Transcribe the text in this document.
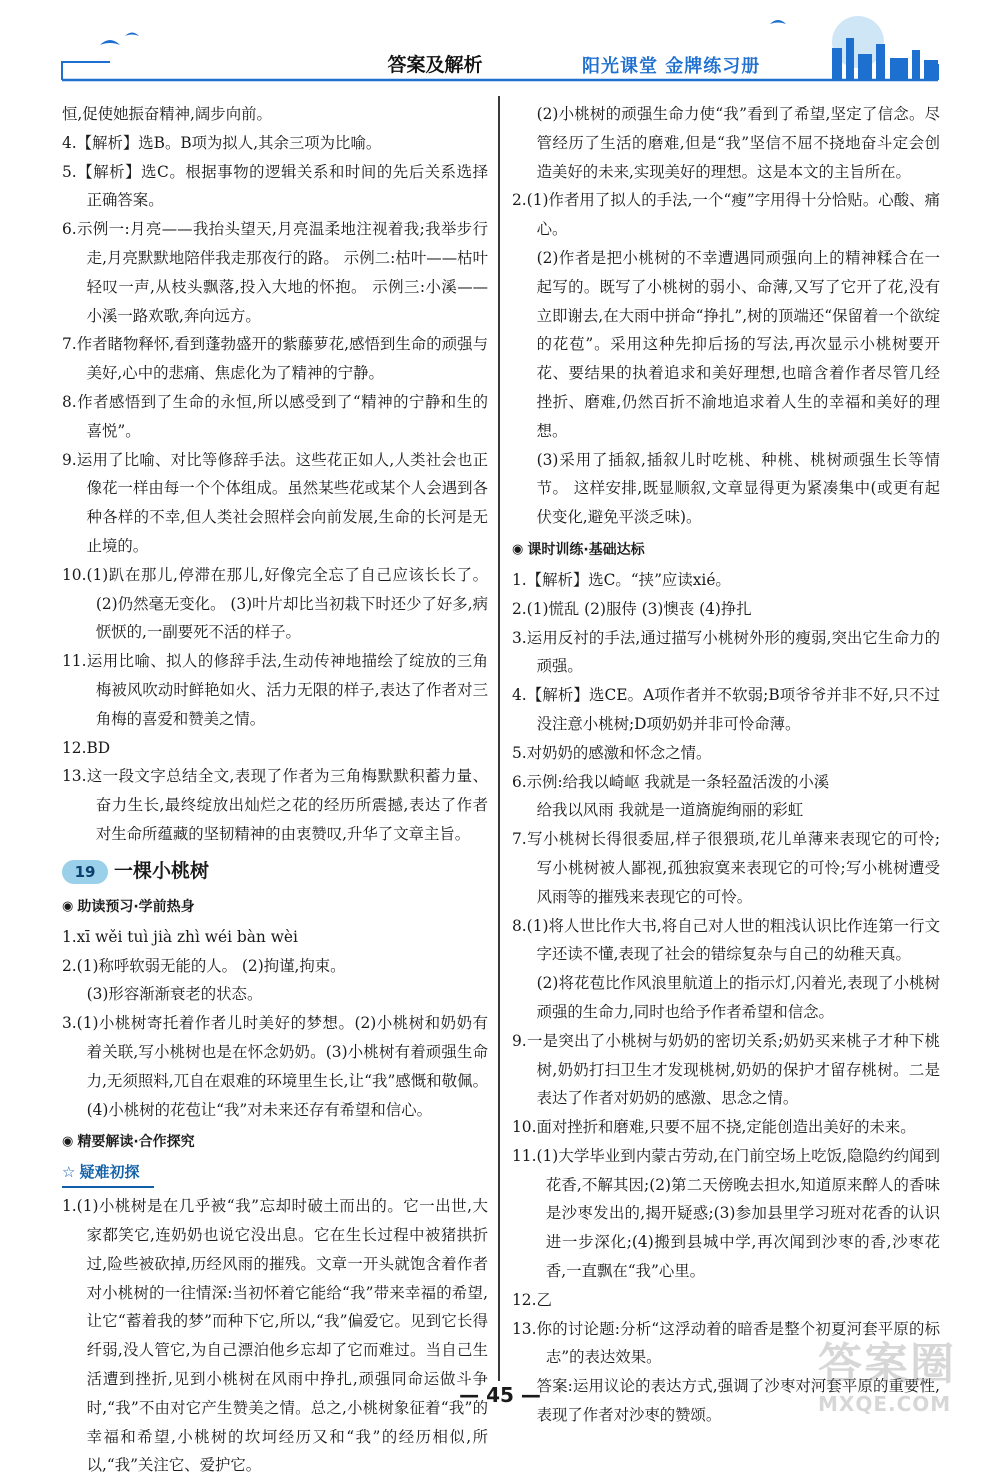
答案及解析	阳光课堂 金牌练习册

恒,促使她振奋精神,阔步向前。

4.【解析】选B。B项为拟人,其余三项为比喻。

5.【解析】选C。根据事物的逻辑关系和时间的先后关系选择正确答案。

6.示例一:月亮——我抬头望天,月亮温柔地注视着我;我举步行走,月亮默默地陪伴我走那夜行的路。 示例二:枯叶——枯叶轻叹一声,从枝头飘落,投入大地的怀抱。 示例三:小溪——小溪一路欢歌,奔向远方。

7.作者睹物释怀,看到蓬勃盛开的紫藤萝花,感悟到生命的顽强与美好,心中的悲痛、焦虑化为了精神的宁静。

8.作者感悟到了生命的永恒,所以感受到了“精神的宁静和生的喜悦”。

9.运用了比喻、对比等修辞手法。这些花正如人,人类社会也正像花一样由每一个个体组成。虽然某些花或某个人会遇到各种各样的不幸,但人类社会照样会向前发展,生命的长河是无止境的。

10.(1)趴在那儿,停滞在那儿,好像完全忘了自己应该长长了。 (2)仍然毫无变化。 (3)叶片却比当初栽下时还少了好多,病恹恹的,一副要死不活的样子。

11.运用比喻、拟人的修辞手法,生动传神地描绘了绽放的三角梅被风吹动时鲜艳如火、活力无限的样子,表达了作者对三角梅的喜爱和赞美之情。

12.BD

13.这一段文字总结全文,表现了作者为三角梅默默积蓄力量、奋力生长,最终绽放出灿烂之花的经历所震撼,表达了作者对生命所蕴藏的坚韧精神的由衷赞叹,升华了文章主旨。

19 一棵小桃树
◉ 助读预习·学前热身

1.xī wěi tuì jià zhì wéi bàn wèi

2.(1)称呼软弱无能的人。 (2)拘谨,拘束。

(3)形容渐渐衰老的状态。

3.(1)小桃树寄托着作者儿时美好的梦想。(2)小桃树和奶奶有着关联,写小桃树也是在怀念奶奶。(3)小桃树有着顽强生命力,无须照料,兀自在艰难的环境里生长,让“我”感慨和敬佩。(4)小桃树的花苞让“我”对未来还存有希望和信心。

◉ 精要解读·合作探究
☆ 疑难初探

1.(1)小桃树是在几乎被“我”忘却时破土而出的。它一出世,大家都笑它,连奶奶也说它没出息。它在生长过程中被猪拱折过,险些被砍掉,历经风雨的摧残。文章一开头就饱含着作者对小桃树的一往情深:当初怀着它能给“我”带来幸福的希望,让它“蓄着我的梦”而种下它,所以,“我”偏爱它。见到它长得纤弱,没人管它,为自己漂泊他乡忘却了它而难过。当自己生活遭到挫折,见到小桃树在风雨中挣扎,顽强同命运做斗争时,“我”不由对它产生赞美之情。总之,小桃树象征着“我”的幸福和希望,小桃树的坎坷经历又和“我”的经历相似,所以,“我”关注它、爱护它。

(2)小桃树的顽强生命力使“我”看到了希望,坚定了信念。尽管经历了生活的磨难,但是“我”坚信不屈不挠地奋斗定会创造美好的未来,实现美好的理想。这是本文的主旨所在。

2.(1)作者用了拟人的手法,一个“瘦”字用得十分恰贴。心酸、痛心。

(2)作者是把小桃树的不幸遭遇同顽强向上的精神糅合在一起写的。既写了小桃树的弱小、命薄,又写了它开了花,没有立即谢去,在大雨中拼命“挣扎”,树的顶端还“保留着一个欲绽的花苞”。采用这种先抑后扬的写法,再次显示小桃树要开花、要结果的执着追求和美好理想,也暗含着作者尽管几经挫折、磨难,仍然百折不渝地追求着人生的幸福和美好的理想。

(3)采用了插叙,插叙儿时吃桃、种桃、桃树顽强生长等情节。 这样安排,既显顺叙,文章显得更为紧凑集中(或更有起伏变化,避免平淡乏味)。

◉ 课时训练·基础达标

1.【解析】选C。“挟”应读xié。

2.(1)慌乱 (2)服侍 (3)懊丧 (4)挣扎

3.运用反衬的手法,通过描写小桃树外形的瘦弱,突出它生命力的顽强。

4.【解析】选CE。A项作者并不软弱;B项爷爷并非不好,只不过没注意小桃树;D项奶奶并非可怜命薄。

5.对奶奶的感激和怀念之情。

6.示例:给我以崎岖 我就是一条轻盈活泼的小溪

给我以风雨 我就是一道旖旎绚丽的彩虹

7.写小桃树长得很委屈,样子很猥琐,花儿单薄来表现它的可怜;写小桃树被人鄙视,孤独寂寞来表现它的可怜;写小桃树遭受风雨等的摧残来表现它的可怜。

8.(1)将人世比作大书,将自己对人世的粗浅认识比作连第一行文字还读不懂,表现了社会的错综复杂与自己的幼稚天真。

(2)将花苞比作风浪里航道上的指示灯,闪着光,表现了小桃树顽强的生命力,同时也给予作者希望和信念。

9.一是突出了小桃树与奶奶的密切关系;奶奶买来桃子才种下桃树,奶奶打扫卫生才发现桃树,奶奶的保护才留存桃树。二是表达了作者对奶奶的感激、思念之情。

10.面对挫折和磨难,只要不屈不挠,定能创造出美好的未来。

11.(1)大学毕业到内蒙古劳动,在门前空场上吃饭,隐隐约约闻到花香,不解其因;(2)第二天傍晚去担水,知道原来醉人的香味是沙枣发出的,揭开疑惑;(3)参加县里学习班对花香的认识进一步深化;(4)搬到县城中学,再次闻到沙枣的香,沙枣花香,一直飘在“我”心里。

12.乙

13.你的讨论题:分析“这浮动着的暗香是整个初夏河套平原的标志”的表达效果。

答案:运用议论的表达方式,强调了沙枣对河套平原的重要性,表现了作者对沙枣的赞颂。

— 45 —
答案圈
MXQE.COM
